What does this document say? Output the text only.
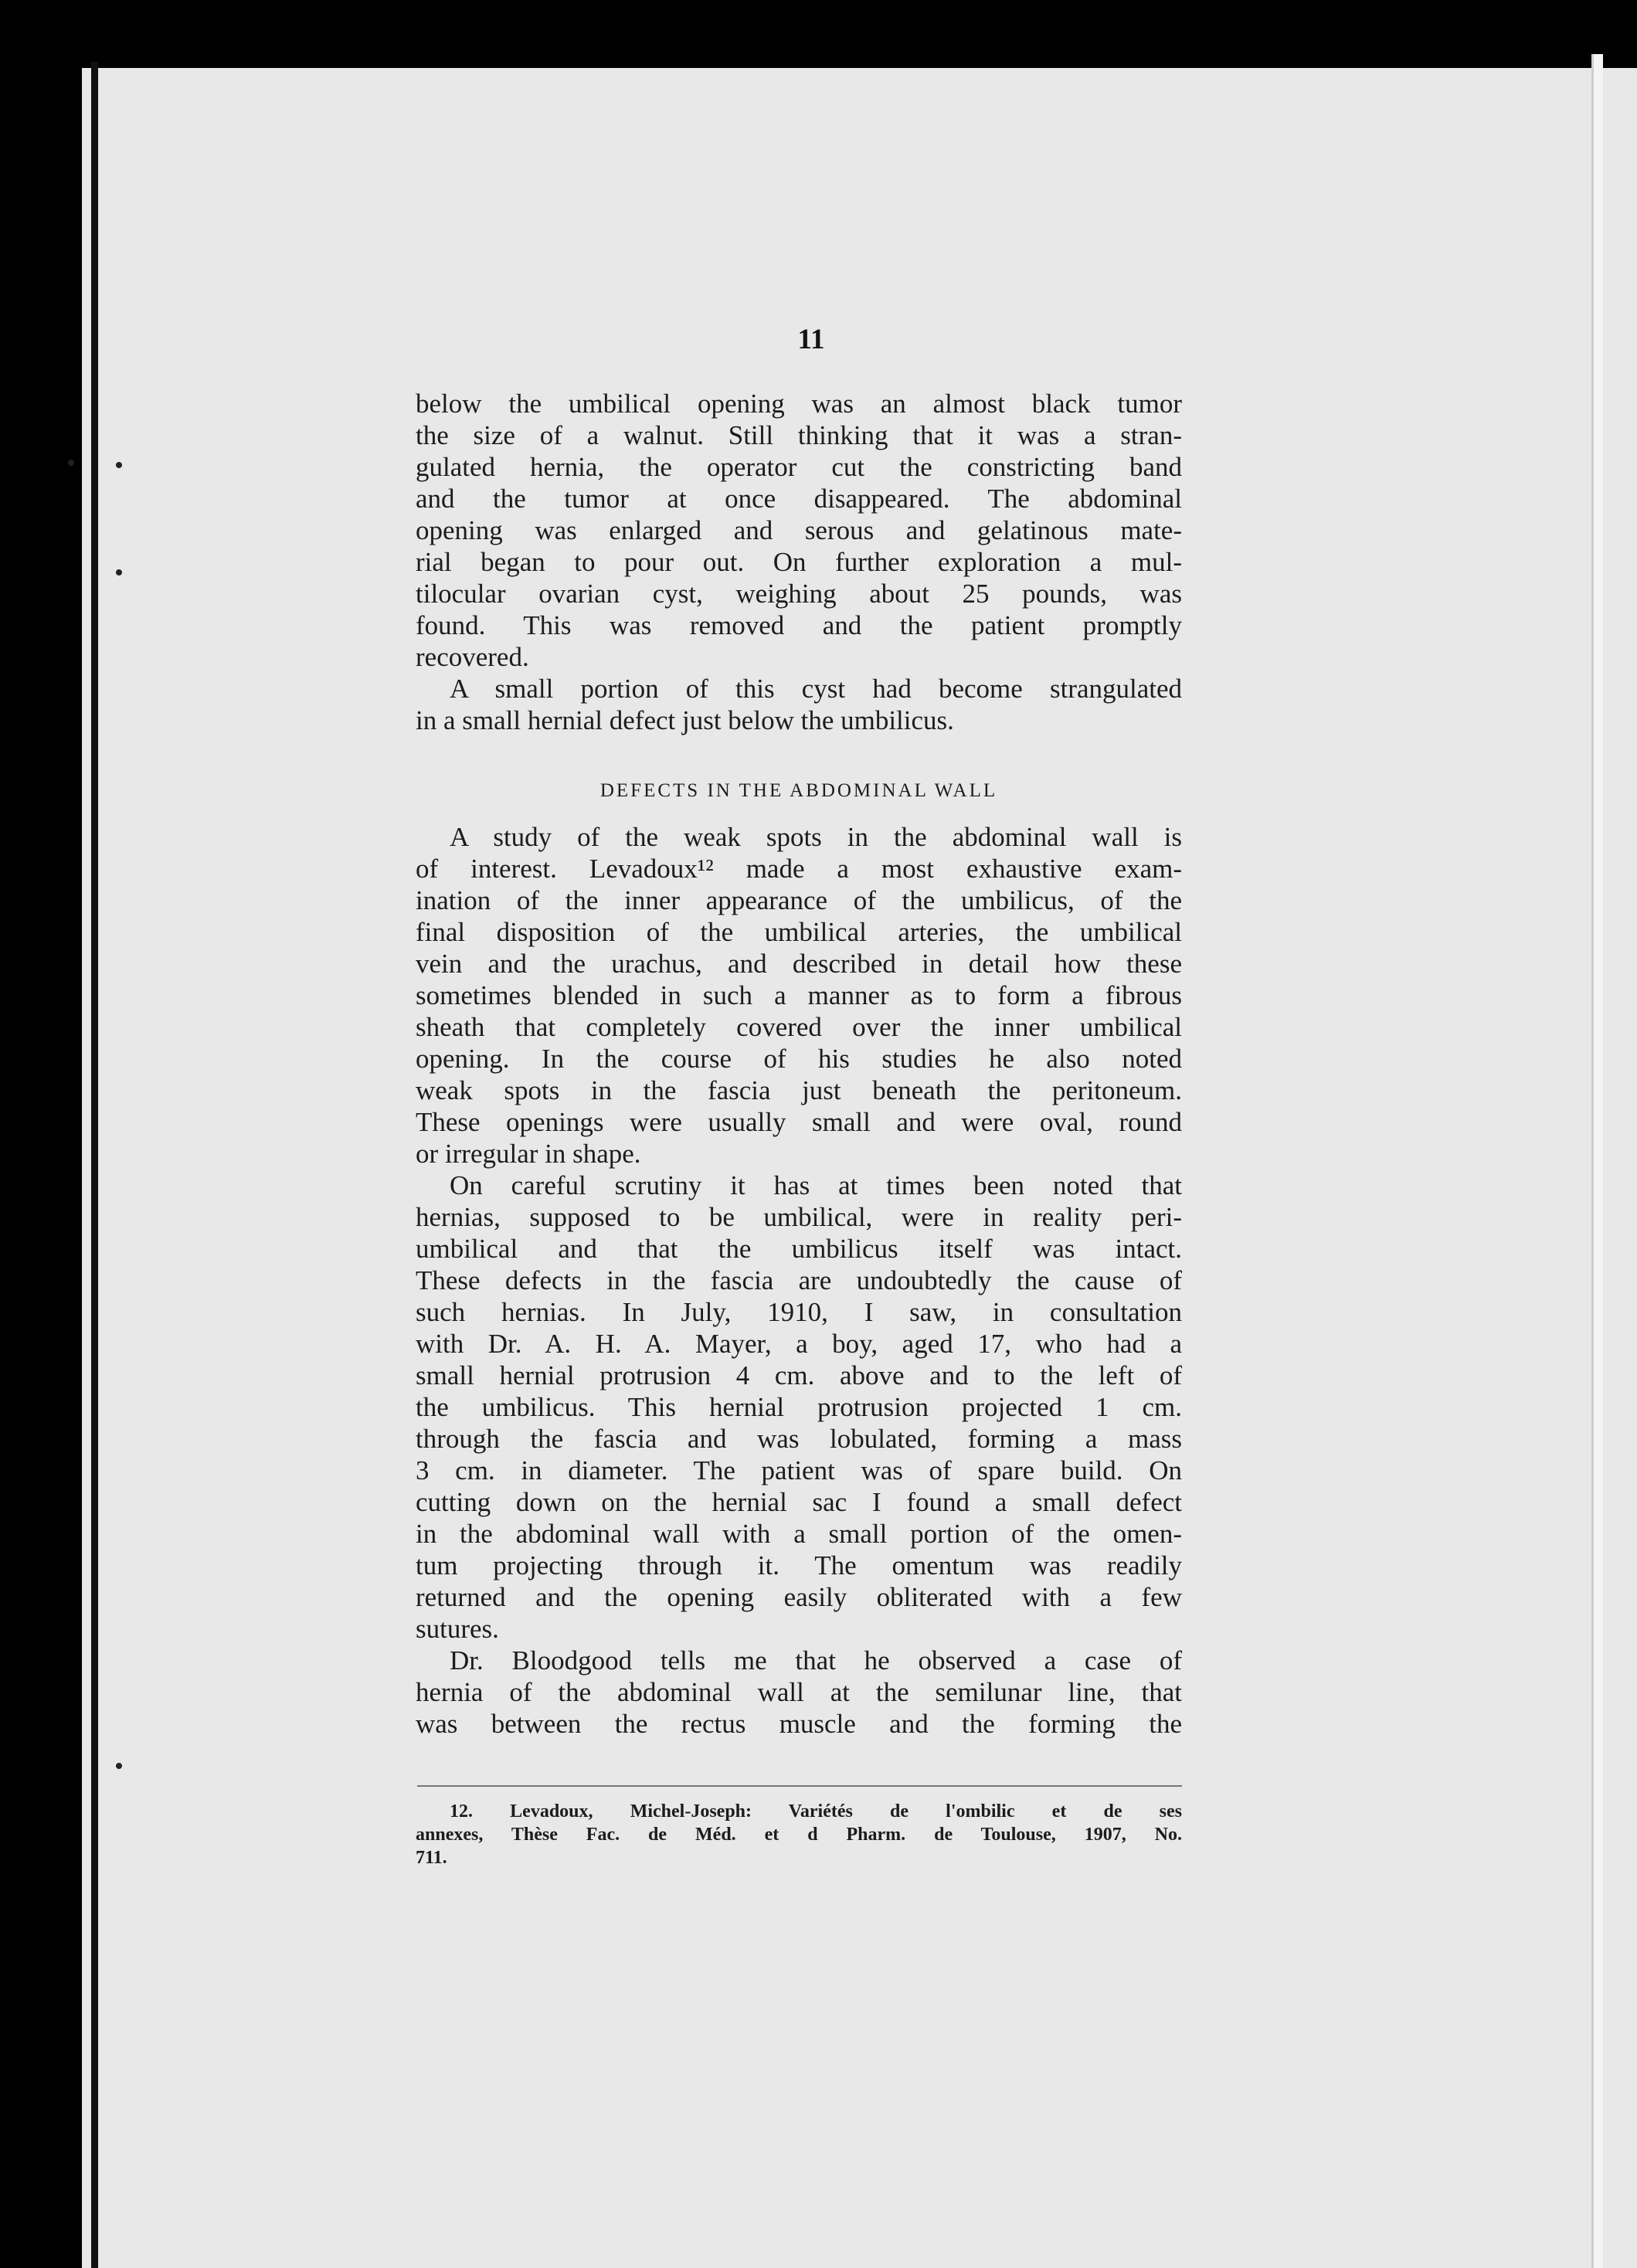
11
below the umbilical opening was an almost black tumor
the size of a walnut. Still thinking that it was a stran-
gulated hernia, the operator cut the constricting band
and the tumor at once disappeared. The abdominal
opening was enlarged and serous and gelatinous mate-
rial began to pour out. On further exploration a mul-
tilocular ovarian cyst, weighing about 25 pounds, was
found. This was removed and the patient promptly
recovered.
A small portion of this cyst had become strangulated
in a small hernial defect just below the umbilicus.
DEFECTS IN THE ABDOMINAL WALL
A study of the weak spots in the abdominal wall is
of interest. Levadoux¹² made a most exhaustive exam-
ination of the inner appearance of the umbilicus, of the
final disposition of the umbilical arteries, the umbilical
vein and the urachus, and described in detail how these
sometimes blended in such a manner as to form a fibrous
sheath that completely covered over the inner umbilical
opening. In the course of his studies he also noted
weak spots in the fascia just beneath the peritoneum.
These openings were usually small and were oval, round
or irregular in shape.
On careful scrutiny it has at times been noted that
hernias, supposed to be umbilical, were in reality peri-
umbilical and that the umbilicus itself was intact.
These defects in the fascia are undoubtedly the cause of
such hernias. In July, 1910, I saw, in consultation
with Dr. A. H. A. Mayer, a boy, aged 17, who had a
small hernial protrusion 4 cm. above and to the left of
the umbilicus. This hernial protrusion projected 1 cm.
through the fascia and was lobulated, forming a mass
3 cm. in diameter. The patient was of spare build. On
cutting down on the hernial sac I found a small defect
in the abdominal wall with a small portion of the omen-
tum projecting through it. The omentum was readily
returned and the opening easily obliterated with a few
sutures.
Dr. Bloodgood tells me that he observed a case of
hernia of the abdominal wall at the semilunar line, that
was between the rectus muscle and the forming the
12. Levadoux, Michel-Joseph: Variétés de l'ombilic et de ses
annexes, Thèse Fac. de Méd. et d Pharm. de Toulouse, 1907, No.
711.
